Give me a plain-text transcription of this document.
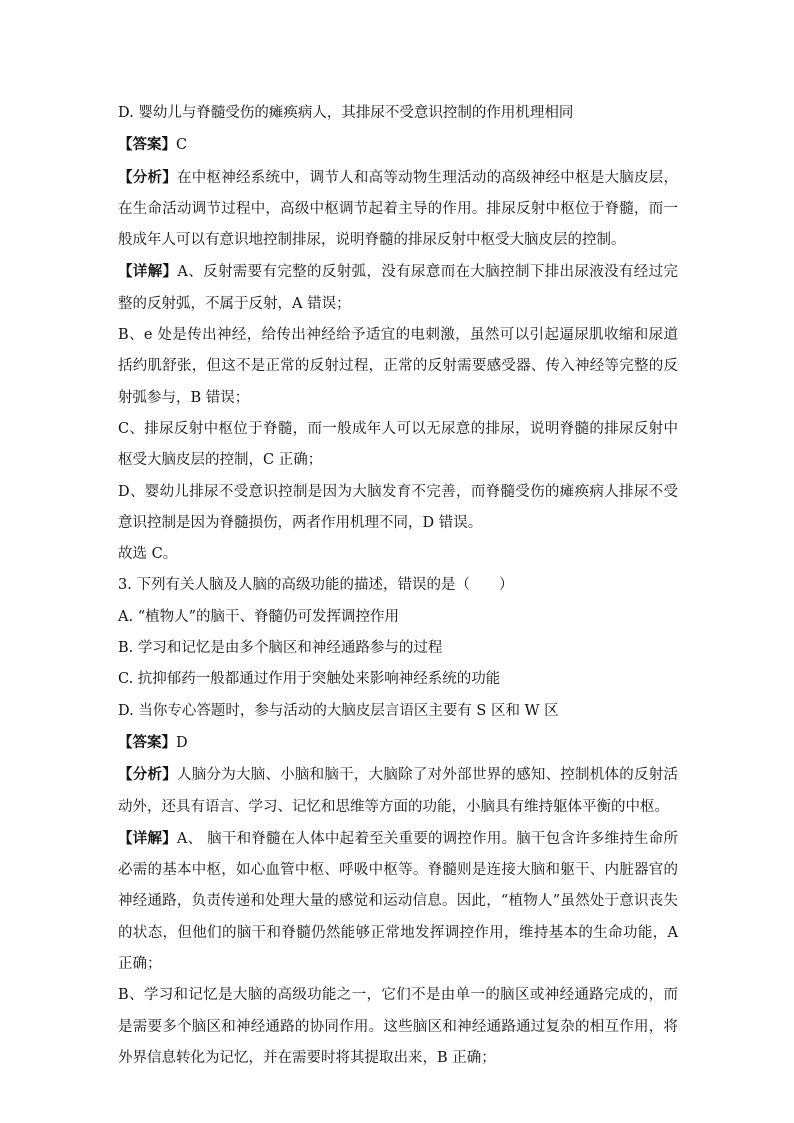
D. 婴幼儿与脊髓受伤的瘫痪病人，其排尿不受意识控制的作用机理相同

【答案】C

【分析】在中枢神经系统中，调节人和高等动物生理活动的高级神经中枢是大脑皮层，在生命活动调节过程中，高级中枢调节起着主导的作用。排尿反射中枢位于脊髓，而一般成年人可以有意识地控制排尿，说明脊髓的排尿反射中枢受大脑皮层的控制。

【详解】A、反射需要有完整的反射弧，没有尿意而在大脑控制下排出尿液没有经过完整的反射弧，不属于反射，A 错误；

B、e 处是传出神经，给传出神经给予适宜的电刺激，虽然可以引起逼尿肌收缩和尿道括约肌舒张，但这不是正常的反射过程，正常的反射需要感受器、传入神经等完整的反射弧参与，B 错误；

C、排尿反射中枢位于脊髓，而一般成年人可以无尿意的排尿，说明脊髓的排尿反射中枢受大脑皮层的控制，C 正确；

D、婴幼儿排尿不受意识控制是因为大脑发育不完善，而脊髓受伤的瘫痪病人排尿不受意识控制是因为脊髓损伤，两者作用机理不同，D 错误。

故选 C。

3. 下列有关人脑及人脑的高级功能的描述，错误的是（　　）

A. “植物人”的脑干、脊髓仍可发挥调控作用

B. 学习和记忆是由多个脑区和神经通路参与的过程

C. 抗抑郁药一般都通过作用于突触处来影响神经系统的功能

D. 当你专心答题时，参与活动的大脑皮层言语区主要有 S 区和 W 区

【答案】D

【分析】人脑分为大脑、小脑和脑干，大脑除了对外部世界的感知、控制机体的反射活动外，还具有语言、学习、记忆和思维等方面的功能，小脑具有维持躯体平衡的中枢。

【详解】A、 脑干和脊髓在人体中起着至关重要的调控作用。脑干包含许多维持生命所必需的基本中枢，如心血管中枢、呼吸中枢等。脊髓则是连接大脑和躯干、内脏器官的神经通路，负责传递和处理大量的感觉和运动信息。因此，“植物人”虽然处于意识丧失的状态，但他们的脑干和脊髓仍然能够正常地发挥调控作用，维持基本的生命功能，A 正确；

B、学习和记忆是大脑的高级功能之一，它们不是由单一的脑区或神经通路完成的，而是需要多个脑区和神经通路的协同作用。这些脑区和神经通路通过复杂的相互作用，将外界信息转化为记忆，并在需要时将其提取出来，B 正确；
